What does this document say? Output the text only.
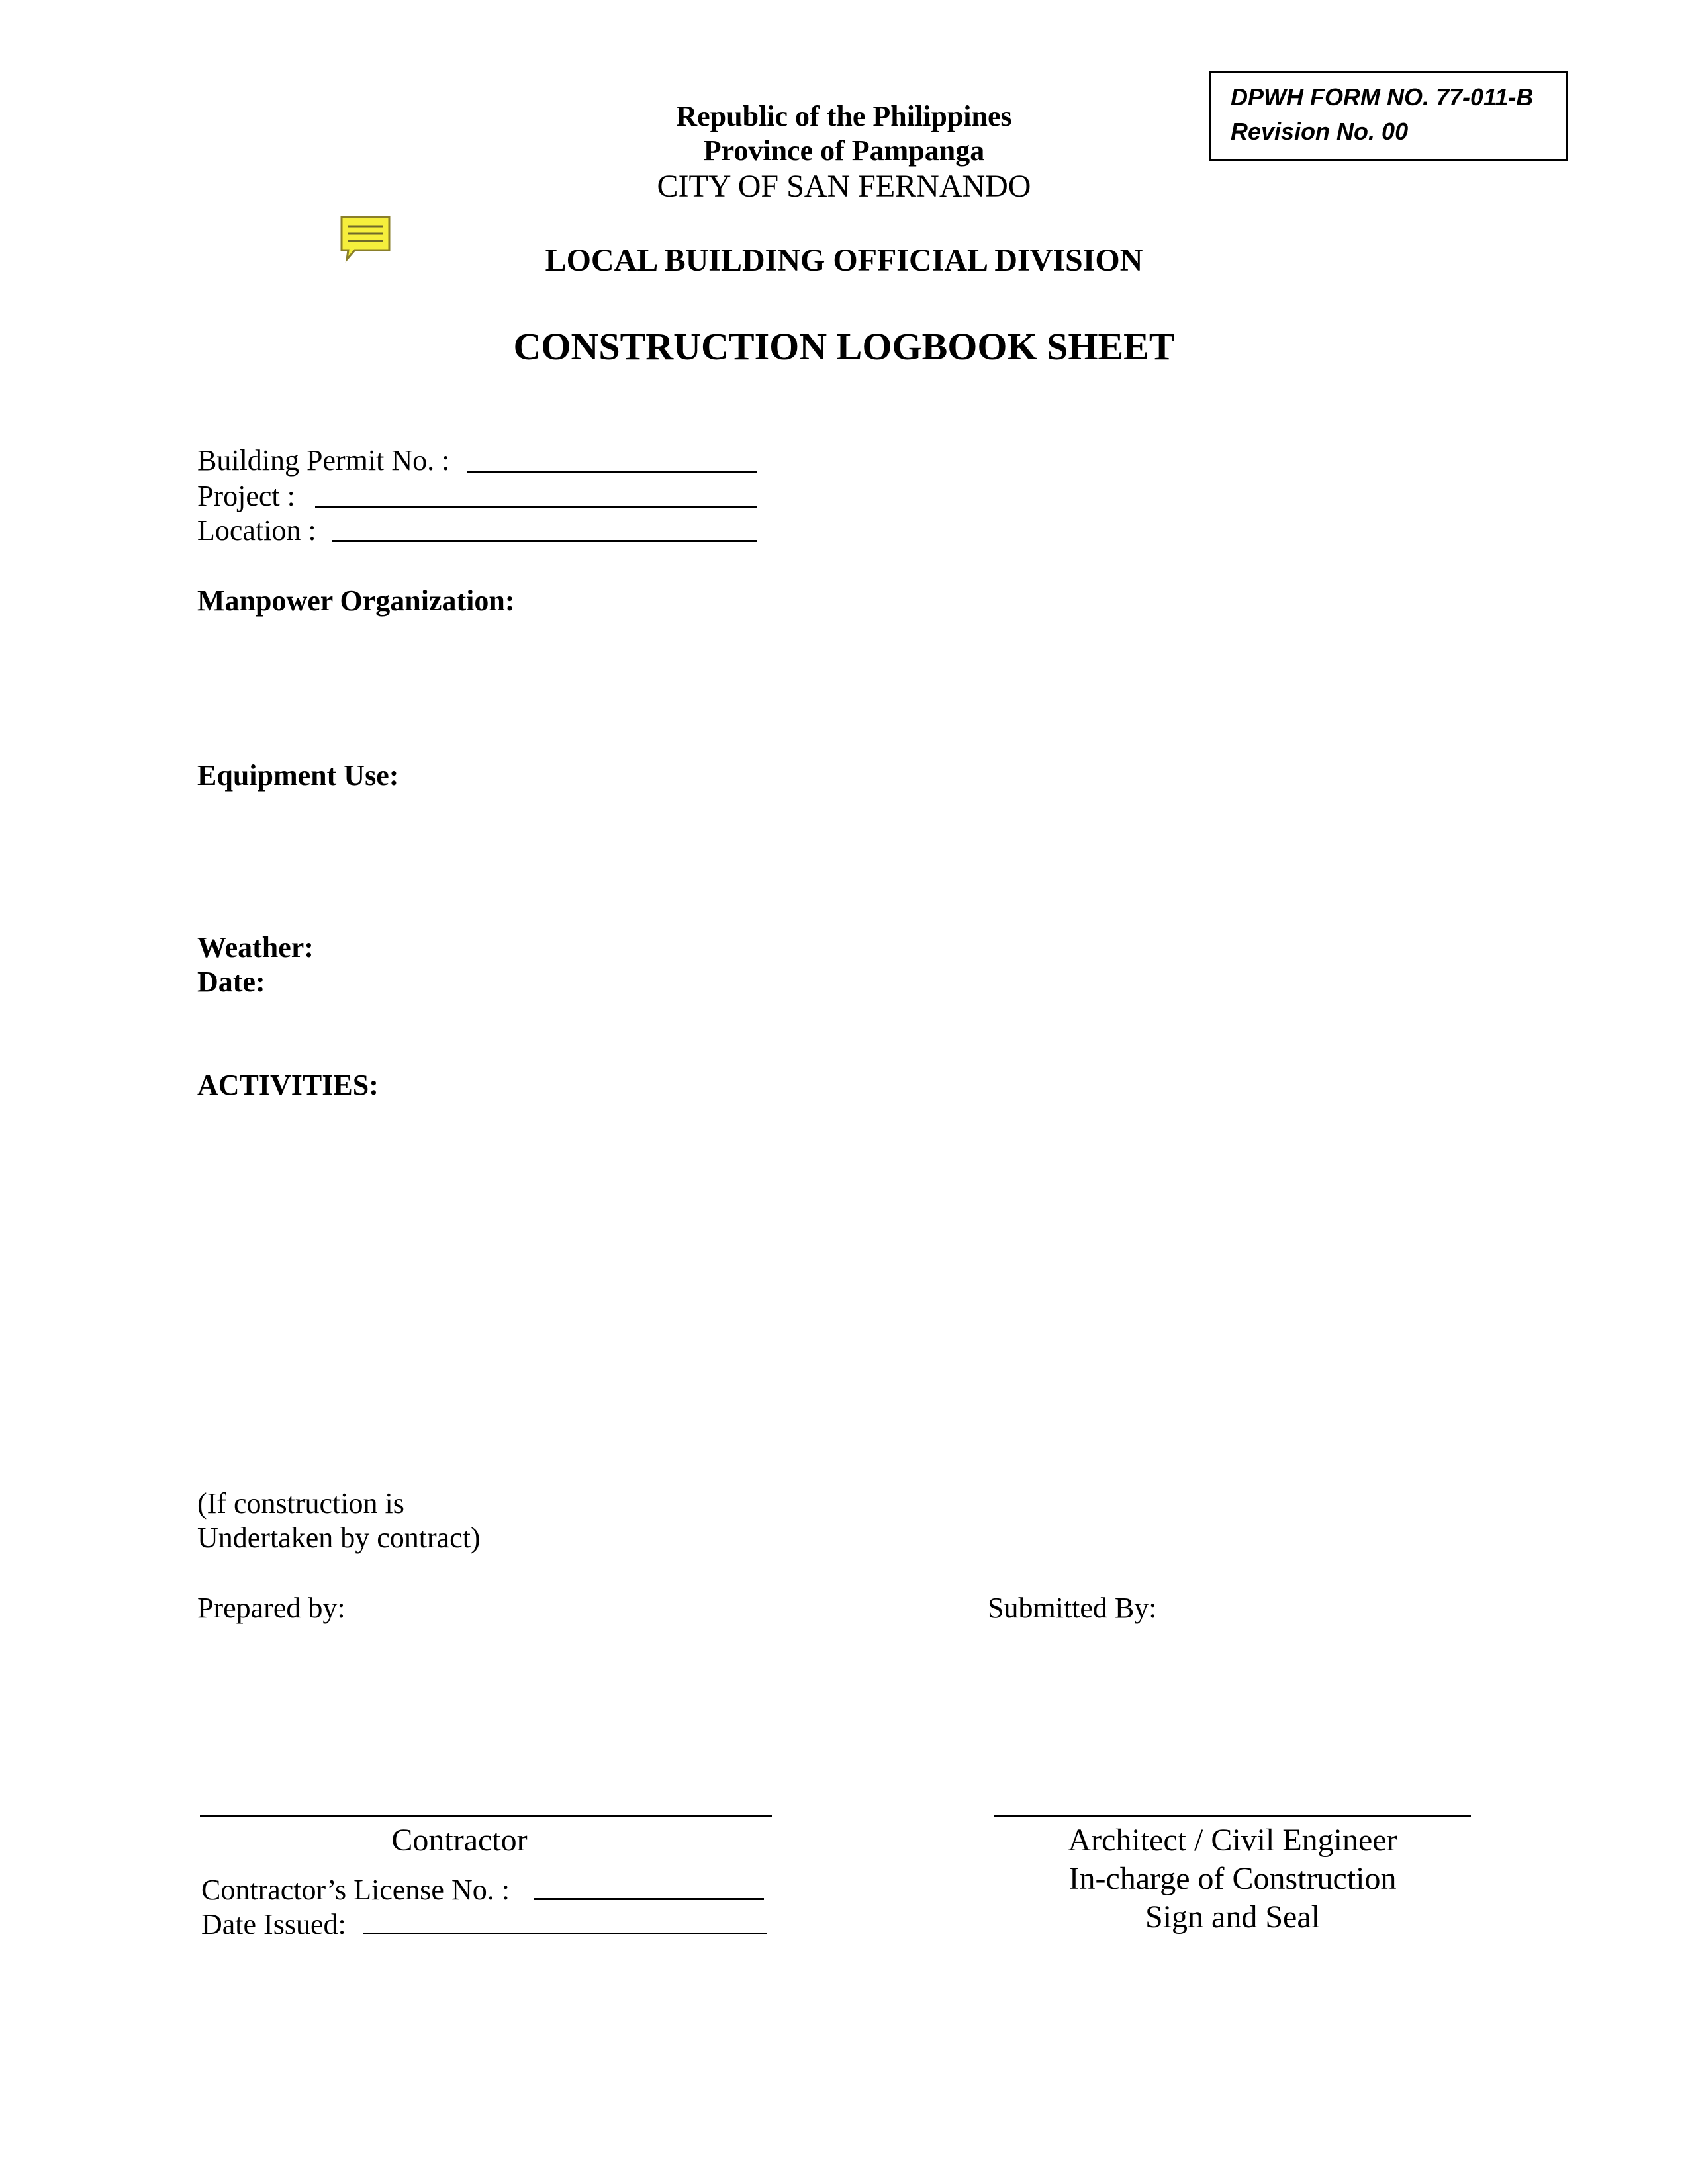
DPWH FORM NO. 77-011-B
Revision No. 00
Republic of the Philippines
Province of Pampanga
CITY OF SAN FERNANDO
LOCAL BUILDING OFFICIAL DIVISION
CONSTRUCTION LOGBOOK SHEET
Building Permit No. :
Project :
Location :
Manpower Organization:
Equipment Use:
Weather:
Date:
ACTIVITIES:
(If construction is
Undertaken by contract)
Prepared by:	Submitted By:
Contractor
Contractor’s License No. :
Date Issued:
Architect / Civil Engineer
In-charge of Construction
Sign and Seal
